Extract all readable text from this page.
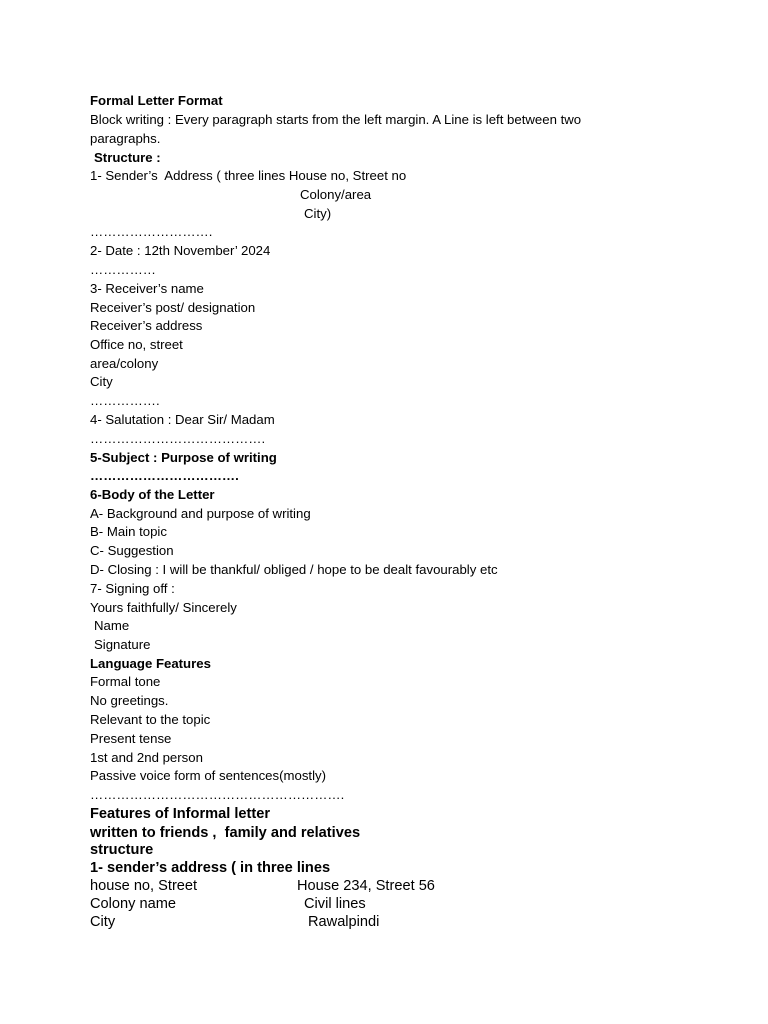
Formal Letter Format
Block writing : Every paragraph starts from the left margin. A Line is left between two
paragraphs.
Structure :
1- Sender’s  Address ( three lines House no, Street no
Colony/area
City)
……………………….
2- Date : 12th November’ 2024
……………
3- Receiver’s name
Receiver’s post/ designation
Receiver’s address
Office no, street
area/colony
City
…………….
4- Salutation : Dear Sir/ Madam
………………………………….
5-Subject : Purpose of writing
…………………………….
6-Body of the Letter
A- Background and purpose of writing
B- Main topic
C- Suggestion
D- Closing : I will be thankful/ obliged / hope to be dealt favourably etc
7- Signing off :
Yours faithfully/ Sincerely
Name
Signature
Language Features
Formal tone
No greetings.
Relevant to the topic
Present tense
1st and 2nd person
Passive voice form of sentences(mostly)
………………………………………………….
Features of Informal letter
written to friends ,  family and relatives
structure
1- sender’s address ( in three lines
house no, Street	House 234, Street 56
Colony name	Civil lines
City	Rawalpindi
